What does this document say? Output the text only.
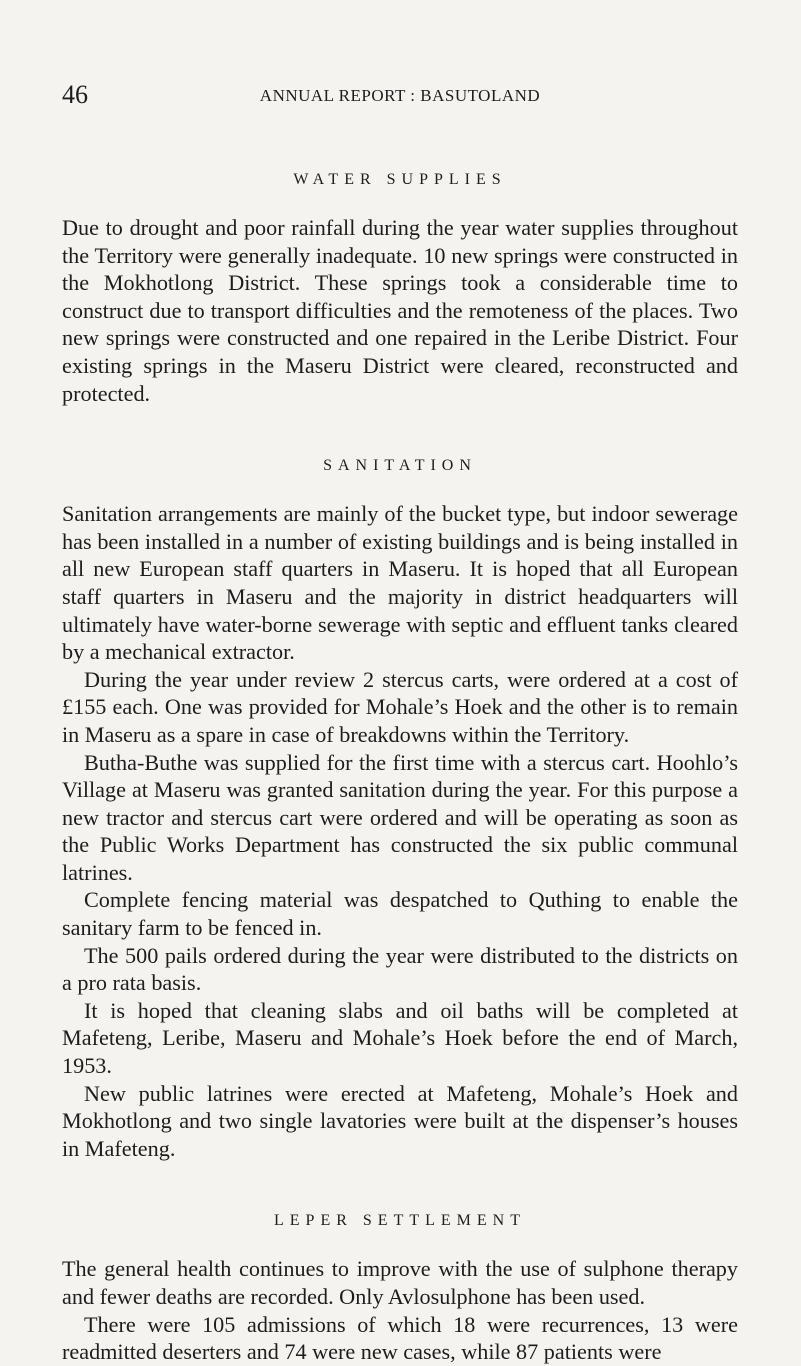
46	ANNUAL REPORT : BASUTOLAND
WATER SUPPLIES

Due to drought and poor rainfall during the year water supplies throughout the Territory were generally inadequate. 10 new springs were constructed in the Mokhotlong District. These springs took a considerable time to construct due to transport difficulties and the remoteness of the places. Two new springs were constructed and one repaired in the Leribe District. Four existing springs in the Maseru District were cleared, reconstructed and protected.

SANITATION

Sanitation arrangements are mainly of the bucket type, but indoor sewerage has been installed in a number of existing buildings and is being installed in all new European staff quarters in Maseru. It is hoped that all European staff quarters in Maseru and the majority in district headquarters will ultimately have water-borne sewerage with septic and effluent tanks cleared by a mechanical extractor.

During the year under review 2 stercus carts, were ordered at a cost of £155 each. One was provided for Mohale’s Hoek and the other is to remain in Maseru as a spare in case of breakdowns within the Territory.

Butha-Buthe was supplied for the first time with a stercus cart. Hoohlo’s Village at Maseru was granted sanitation during the year. For this purpose a new tractor and stercus cart were ordered and will be operating as soon as the Public Works Department has constructed the six public communal latrines.

Complete fencing material was despatched to Quthing to enable the sanitary farm to be fenced in.

The 500 pails ordered during the year were distributed to the districts on a pro rata basis.

It is hoped that cleaning slabs and oil baths will be completed at Mafeteng, Leribe, Maseru and Mohale’s Hoek before the end of March, 1953.

New public latrines were erected at Mafeteng, Mohale’s Hoek and Mokhotlong and two single lavatories were built at the dispenser’s houses in Mafeteng.

LEPER SETTLEMENT

The general health continues to improve with the use of sulphone therapy and fewer deaths are recorded. Only Avlosulphone has been used.

There were 105 admissions of which 18 were recurrences, 13 were readmitted deserters and 74 were new cases, while 87 patients were
